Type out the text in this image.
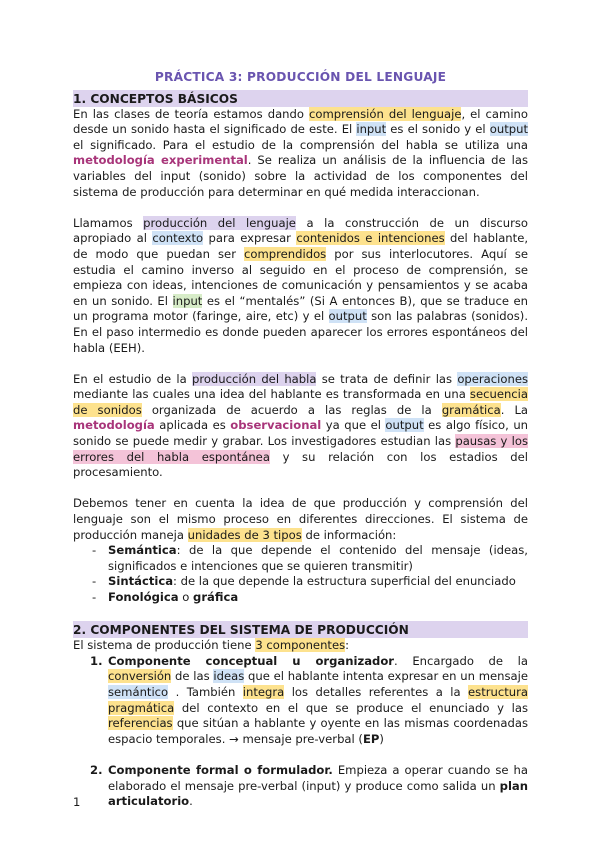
PRÁCTICA 3: PRODUCCIÓN DEL LENGUAJE
1. CONCEPTOS BÁSICOS

En las clases de teoría estamos dando comprensión del lenguaje, el camino desde un sonido hasta el significado de este. El input es el sonido y el output el significado. Para el estudio de la comprensión del habla se utiliza una metodología experimental. Se realiza un análisis de la influencia de las variables del input (sonido) sobre la actividad de los componentes del sistema de producción para determinar en qué medida interaccionan.

Llamamos producción del lenguaje a la construcción de un discurso apropiado al contexto para expresar contenidos e intenciones del hablante, de modo que puedan ser comprendidos por sus interlocutores. Aquí se estudia el camino inverso al seguido en el proceso de comprensión, se empieza con ideas, intenciones de comunicación y pensamientos y se acaba en un sonido. El input es el “mentalés” (Si A entonces B), que se traduce en un programa motor (faringe, aire, etc) y el output son las palabras (sonidos). En el paso intermedio es donde pueden aparecer los errores espontáneos del habla (EEH).

En el estudio de la producción del habla se trata de definir las operaciones mediante las cuales una idea del hablante es transformada en una secuencia de sonidos organizada de acuerdo a las reglas de la gramática. La metodología aplicada es observacional ya que el output es algo físico, un sonido se puede medir y grabar. Los investigadores estudian las pausas y los errores del habla espontánea y su relación con los estadios del procesamiento.

Debemos tener en cuenta la idea de que producción y comprensión del lenguaje son el mismo proceso en diferentes direcciones. El sistema de producción maneja unidades de 3 tipos de información:

- Semántica: de la que depende el contenido del mensaje (ideas, significados e intenciones que se quieren transmitir)
- Sintáctica: de la que depende la estructura superficial del enunciado
- Fonológica o gráfica
2. COMPONENTES DEL SISTEMA DE PRODUCCIÓN

El sistema de producción tiene 3 componentes:

1. Componente conceptual u organizador. Encargado de la conversión de las ideas que el hablante intenta expresar en un mensaje semántico . También integra los detalles referentes a la estructura pragmática del contexto en el que se produce el enunciado y las referencias que sitúan a hablante y oyente en las mismas coordenadas espacio temporales. → mensaje pre-verbal (EP)
2. Componente formal o formulador. Empieza a operar cuando se ha elaborado el mensaje pre-verbal (input) y produce como salida un plan articulatorio.
1
